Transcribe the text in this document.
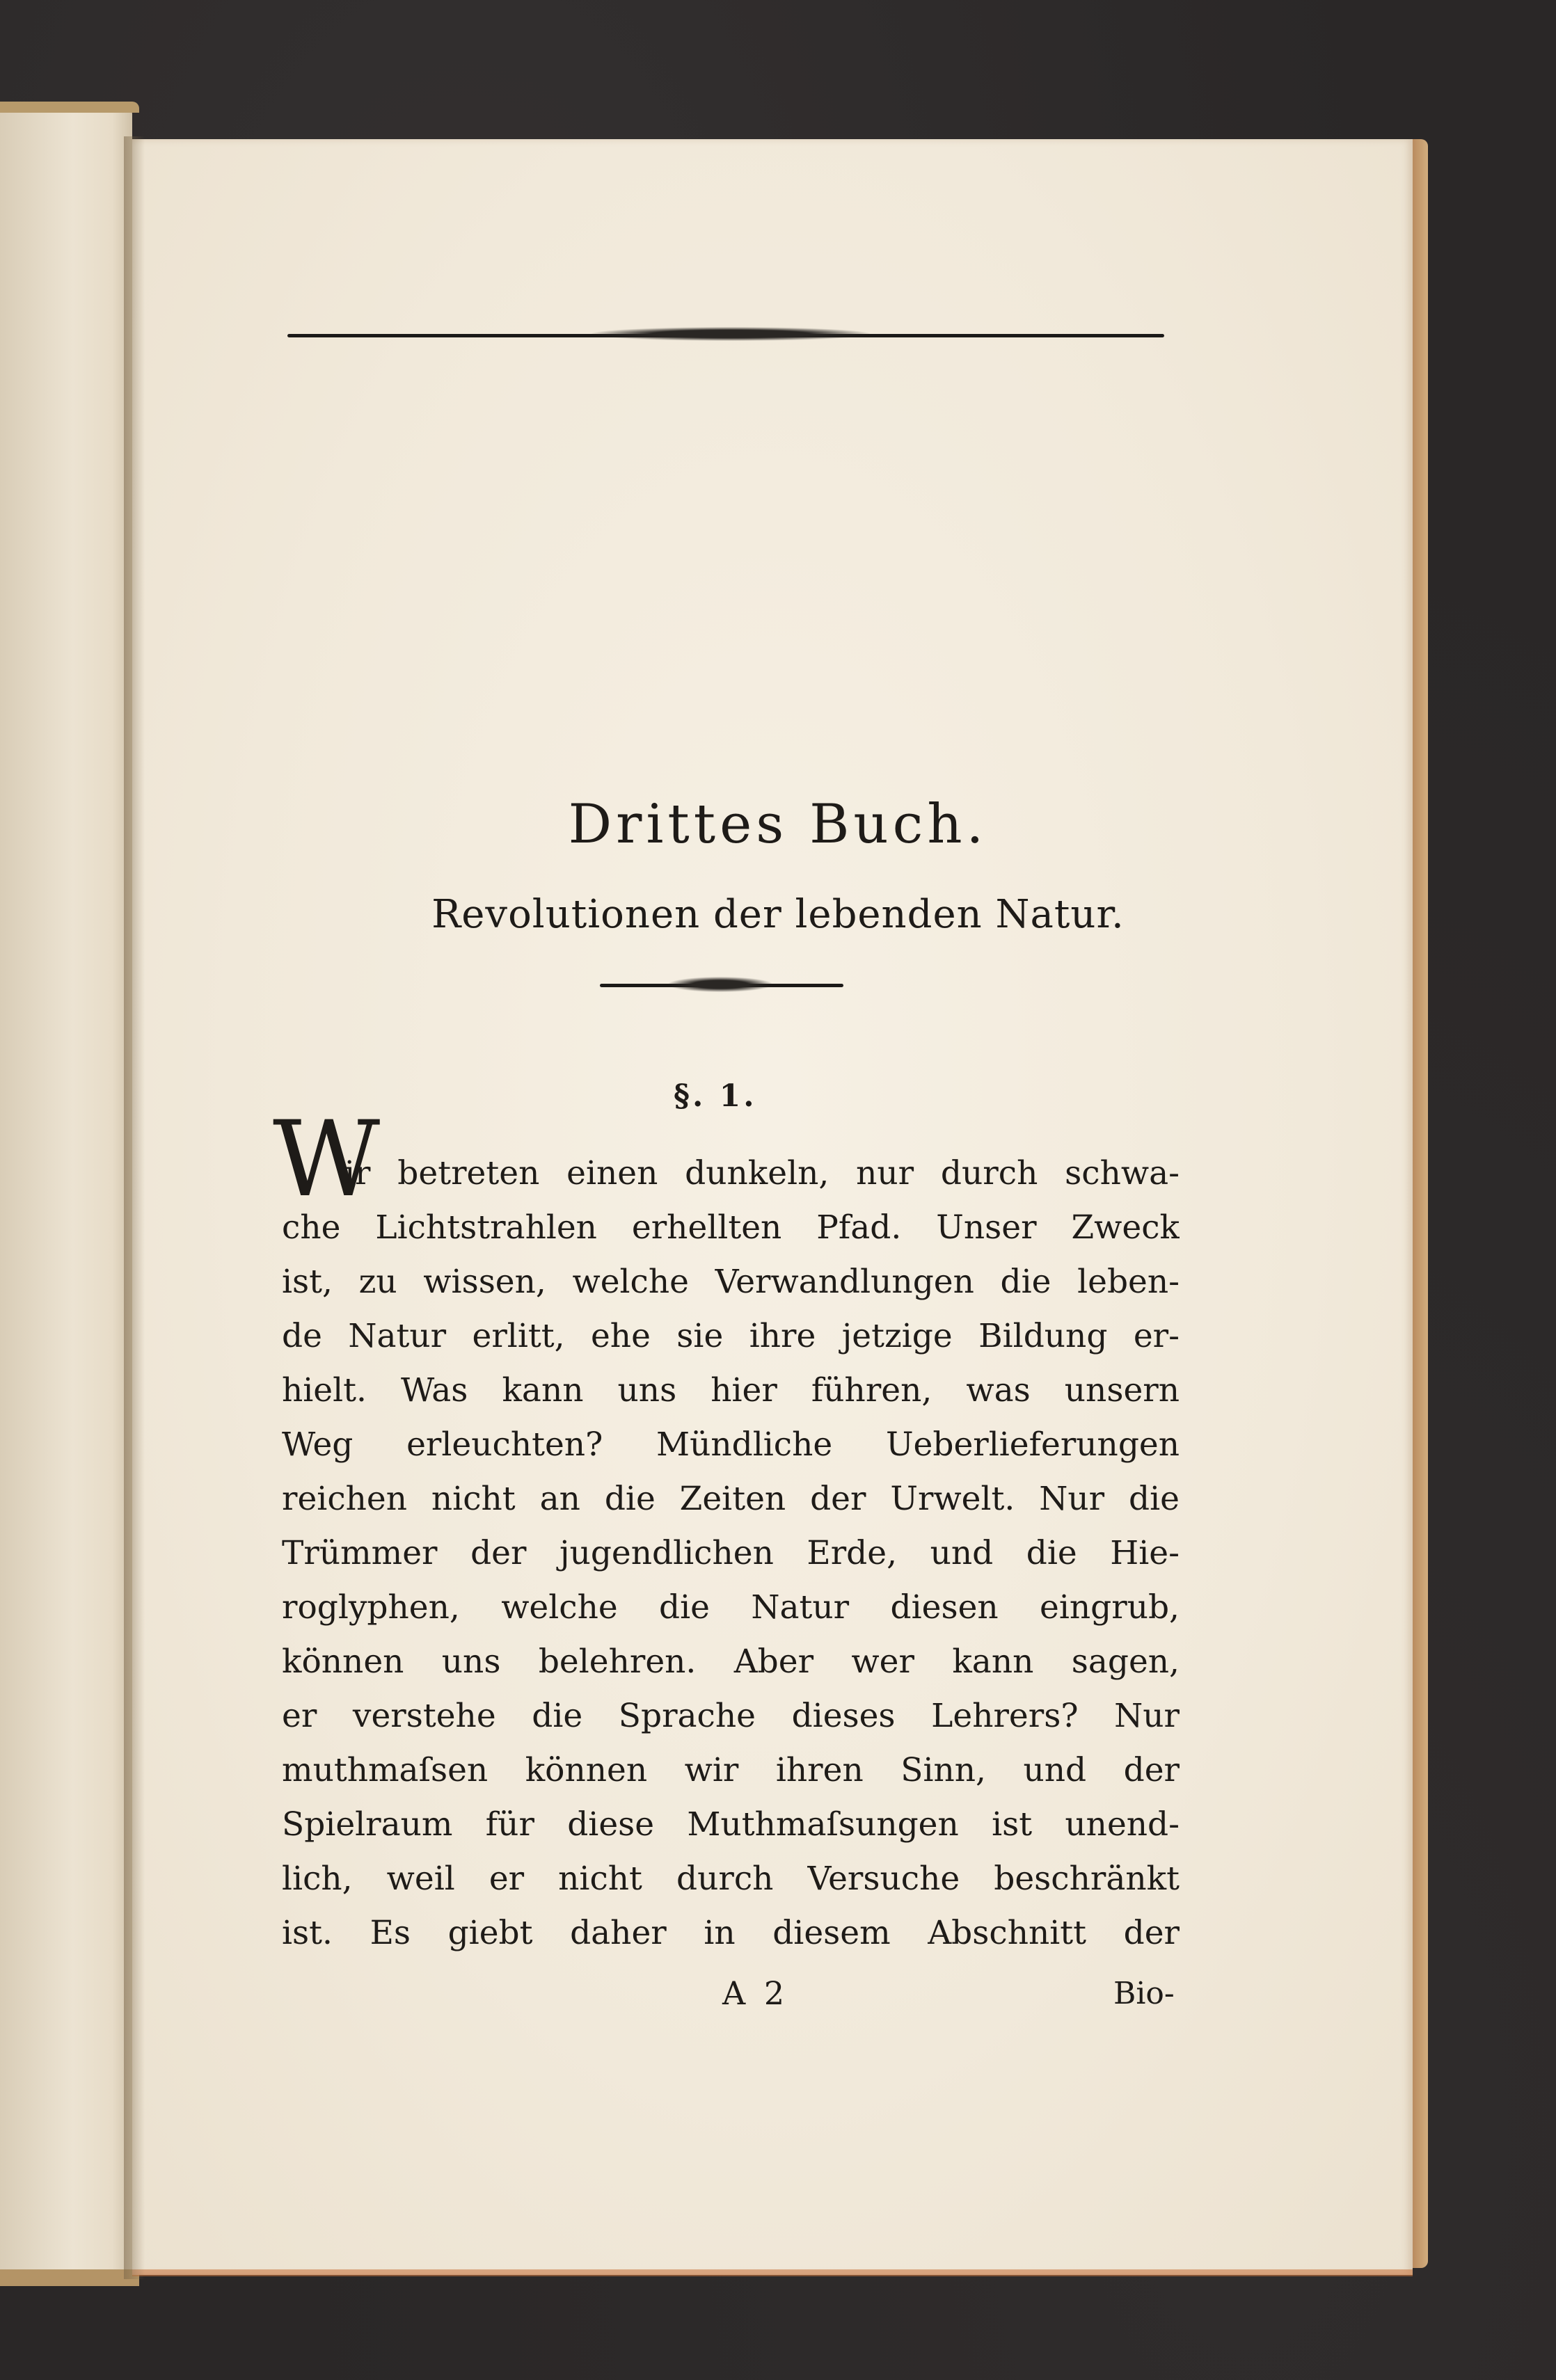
Drittes Buch.
Revolutionen der lebenden Natur.
§. 1.
W
ir betreten einen dunkeln, nur durch schwa-
che Lichtstrahlen erhellten Pfad. Unser Zweck
ist, zu wissen, welche Verwandlungen die leben-
de Natur erlitt, ehe sie ihre jetzige Bildung er-
hielt. Was kann uns hier führen, was unsern
Weg erleuchten? Mündliche Ueberlieferungen
reichen nicht an die Zeiten der Urwelt. Nur die
Trümmer der jugendlichen Erde, und die Hie-
roglyphen, welche die Natur diesen eingrub,
können uns belehren. Aber wer kann sagen,
er verstehe die Sprache dieses Lehrers? Nur
muthmaſsen können wir ihren Sinn, und der
Spielraum für diese Muthmaſsungen ist unend-
lich, weil er nicht durch Versuche beschränkt
ist. Es giebt daher in diesem Abschnitt der
A 2	Bio-
